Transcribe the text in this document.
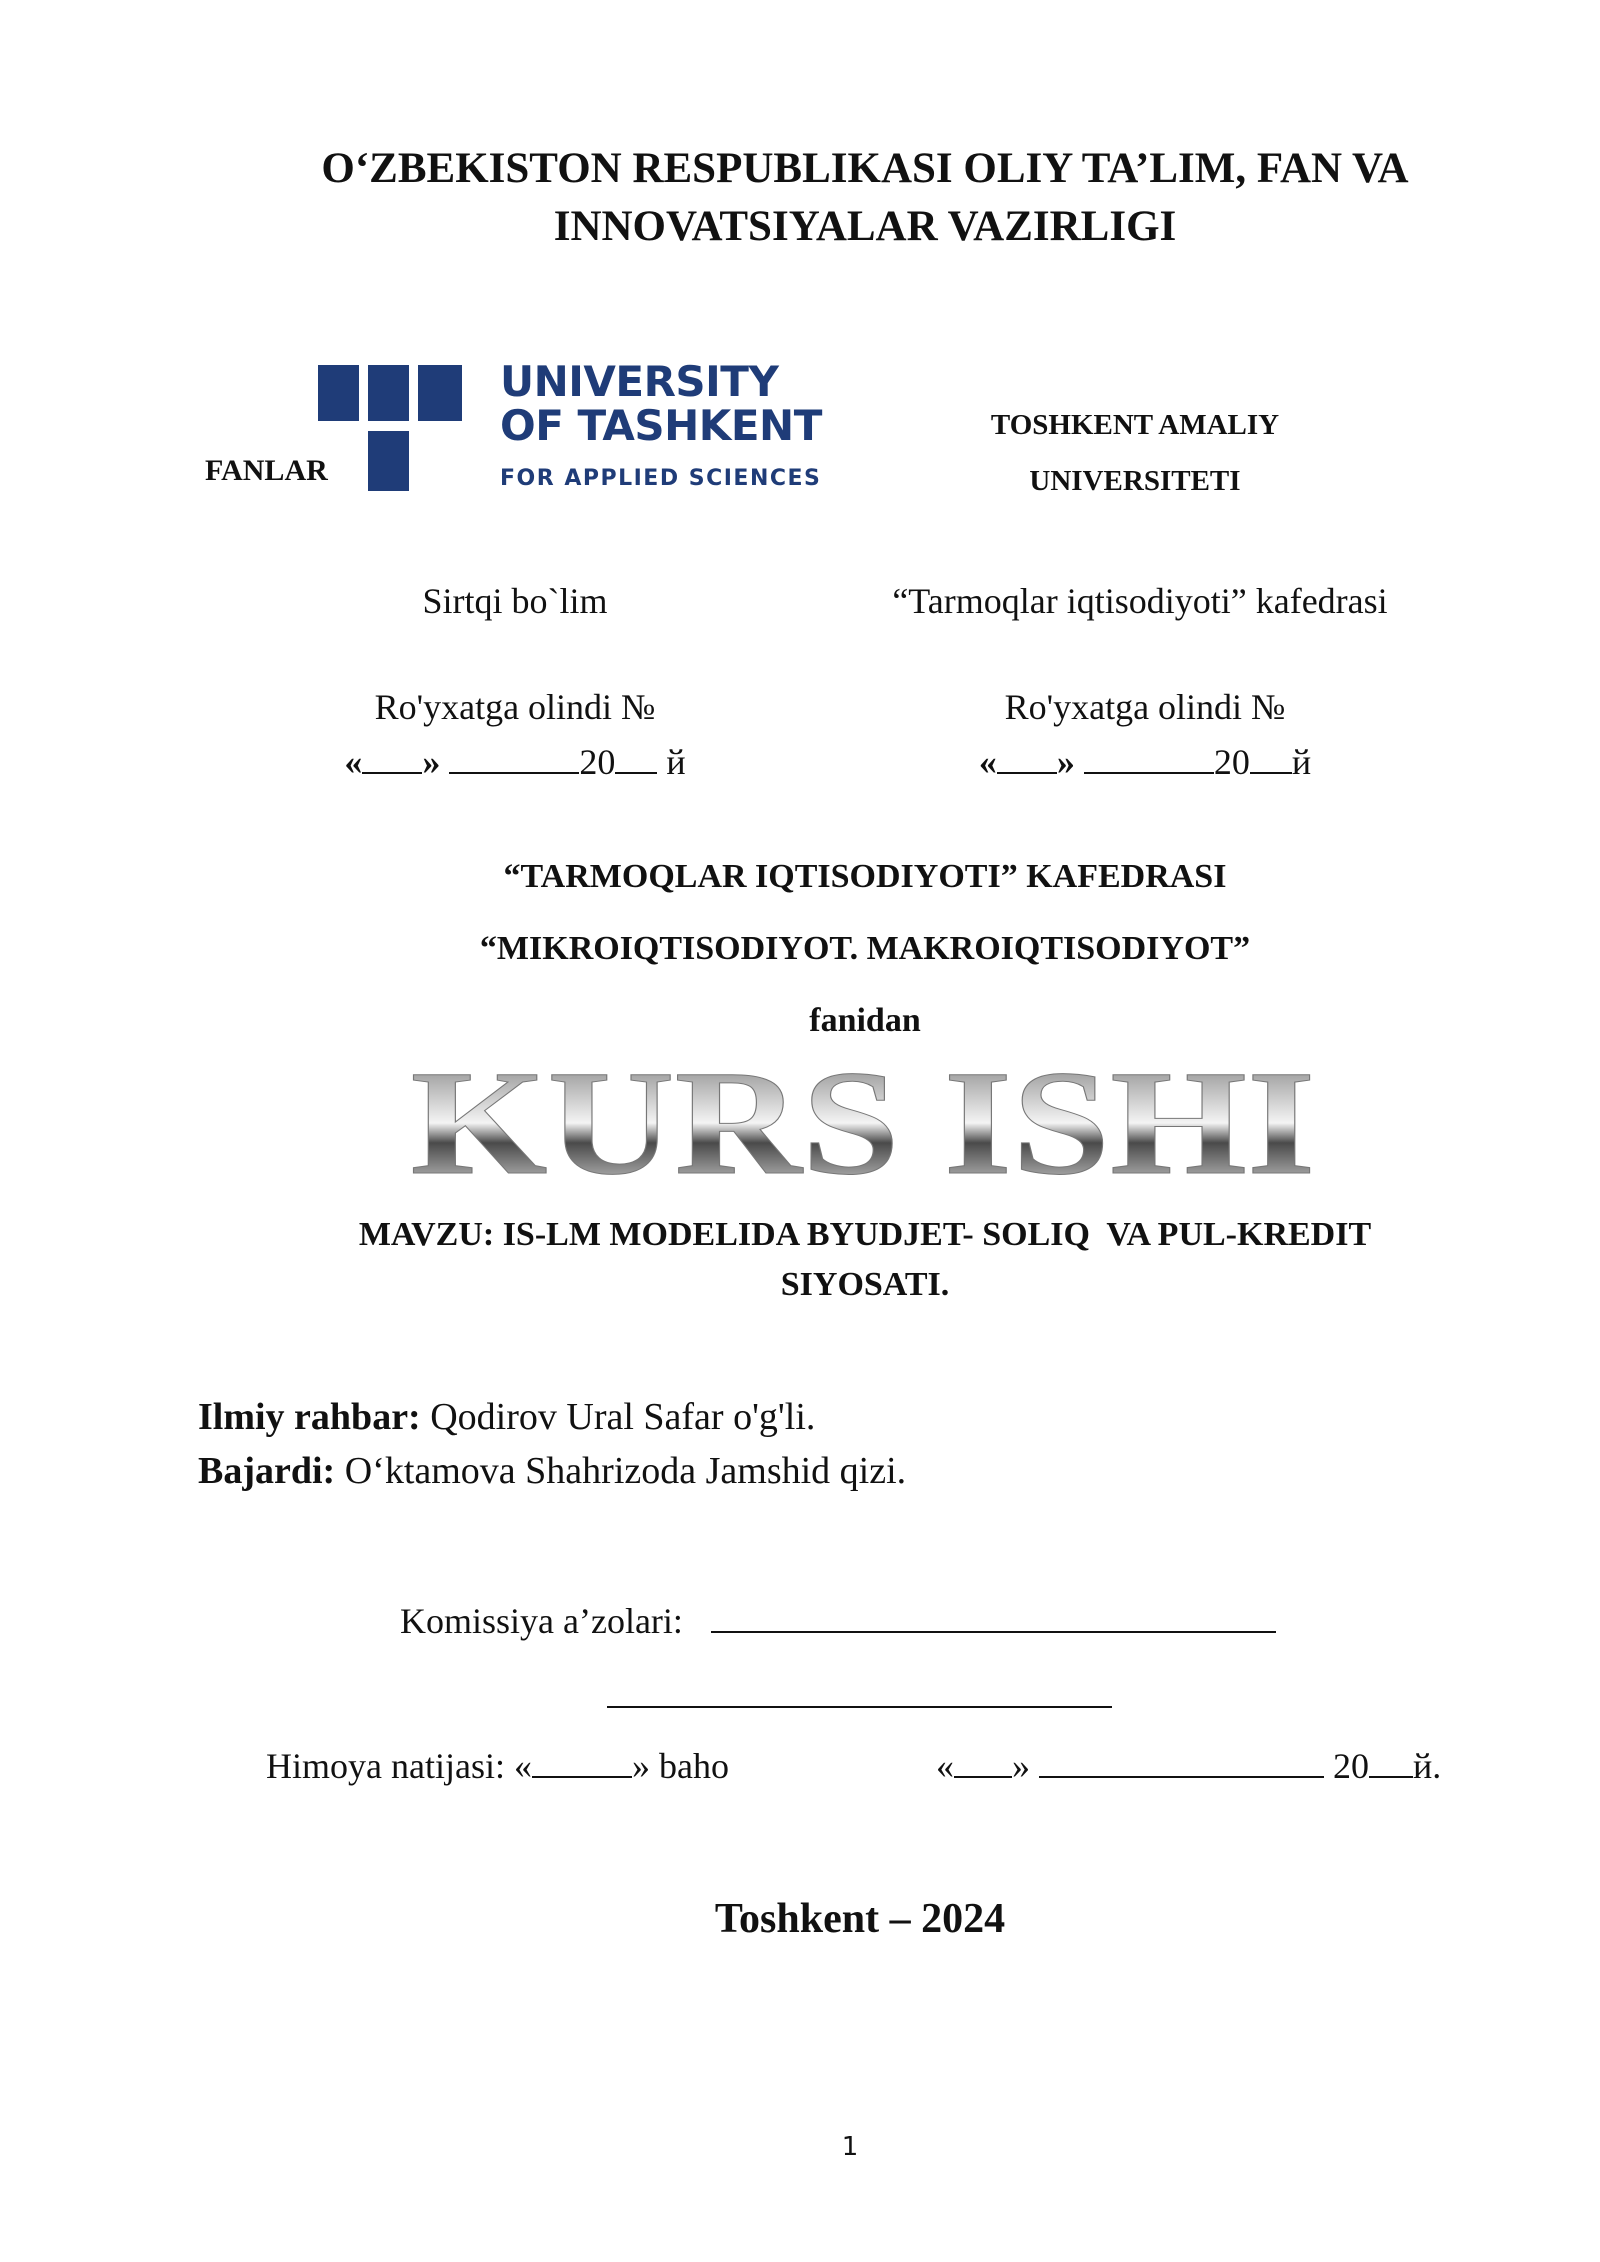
O‘ZBEKISTON RESPUBLIKASI OLIY TA’LIM, FAN VA
INNOVATSIYALAR VAZIRLIGI
FANLAR
UNIVERSITY
OF TASHKENT
FOR APPLIED SCIENCES
TOSHKENT AMALIY
UNIVERSITETI
Sirtqi bo`lim	“Tarmoqlar iqtisodiyoti” kafedrasi
Ro'yxatga olindi №
« »	20 й
Ro'yxatga olindi №
« »	20 й
“TARMOQLAR IQTISODIYOTI” KAFEDRASI
“MIKROIQTISODIYOT. MAKROIQTISODIYOT”
fanidan
KURS ISHI
MAVZU: IS-LM MODELIDA BYUDJET- SOLIQ  VA PUL-KREDIT
SIYOSATI.
Ilmiy rahbar: Qodirov Ural Safar o'g'li.
Bajardi: O‘ktamova Shahrizoda Jamshid qizi.
Komissiya a’zolari:
Himoya natijasi: «	» baho	« »	20 й.
Toshkent – 2024
1
